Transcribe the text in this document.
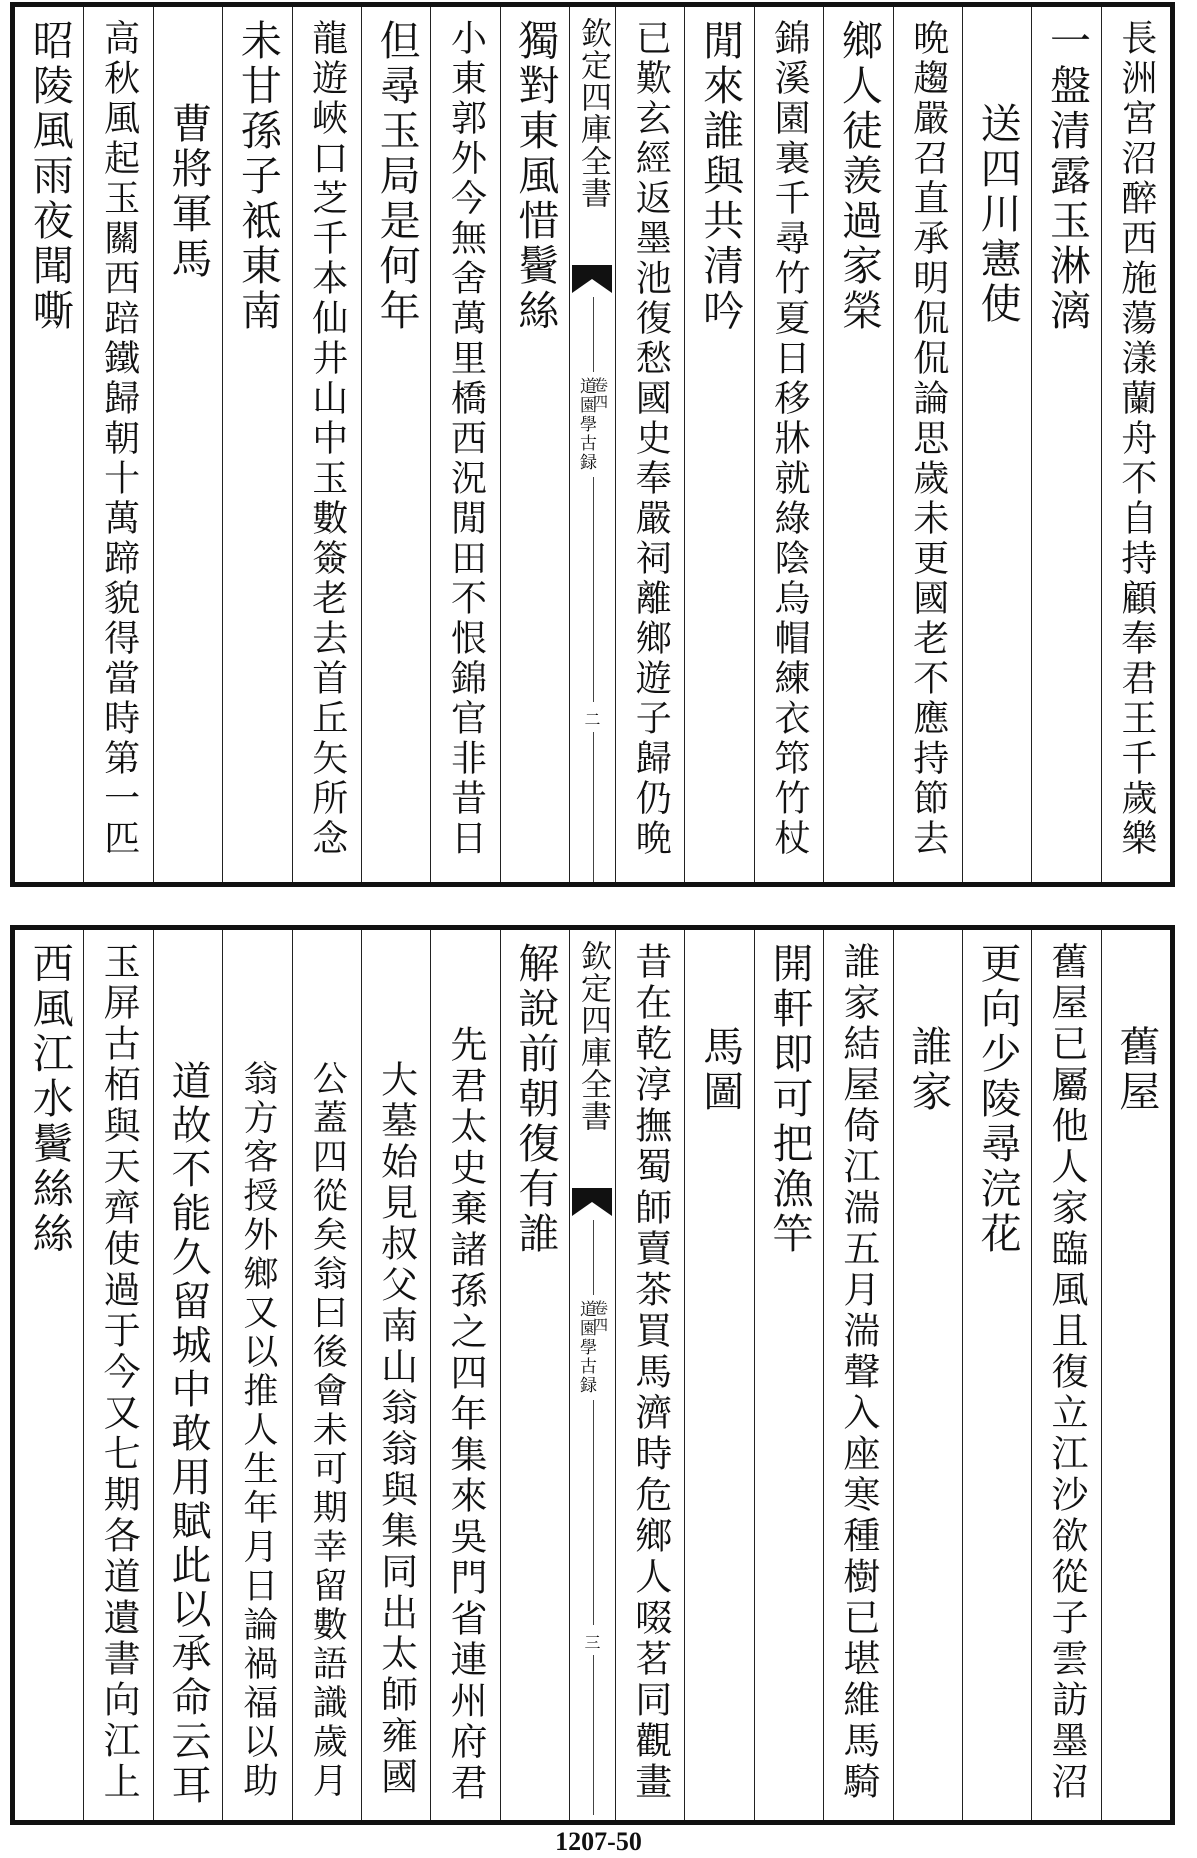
長洲宮沼醉西施蕩漾蘭舟不自持顧奉君王千歲樂
一盤清露玉淋漓
送四川憲使
晩趨嚴召直承明侃侃論思歲未更國老不應持節去
鄉人徒羨過家榮
錦溪園裏千尋竹夏日移牀就綠陰烏帽練衣筇竹杖
閒來誰與共清吟
已歎玄經返墨池復愁國史奉嚴祠離鄉遊子歸仍晩
欽定四庫全書
道園學古録
卷四
二
獨對東風惜鬢絲
小東郭外今無舍萬里橋西況閒田不恨錦官非昔日
但尋玉局是何年
龍遊峽口芝千本仙井山中玉數簽老去首丘矢所念
未甘孫子袛東南
曹將軍馬
高秋風起玉關西踣鐵歸朝十萬蹄貌得當時第一匹
昭陵風雨夜聞嘶
舊屋
舊屋已屬他人家臨風且復立江沙欲從子雲訪墨沼
更向少陵尋浣花
誰家
誰家結屋倚江湍五月湍聲入座寒種樹已堪維馬騎
開軒即可把漁竿
馬圖
昔在乾淳撫蜀師賣茶買馬濟時危鄉人啜茗同觀畫
欽定四庫全書
道園學古録
卷四
三
解說前朝復有誰
先君太史棄諸孫之四年集來吳門省連州府君
大墓始見叔父南山翁翁與集同出太師雍國
公蓋四從矣翁曰後會未可期幸留數語識歲月
翁方客授外鄉又以推人生年月日論禍福以助
道故不能久留城中敢用賦此以承命云耳
玉屏古栢與天齊使過于今又七期各道遺書向江上
西風江水鬢絲絲
1207-50
